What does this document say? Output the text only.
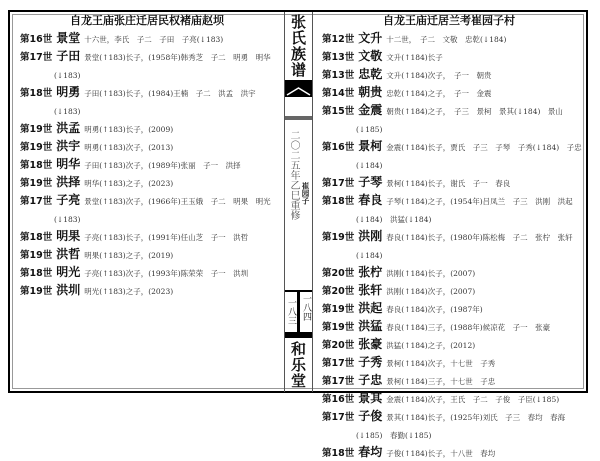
自龙王庙张庄迁居民权褚庙赵坝
第16世 景堂 十六世，李氏　子二　子田　子亮(↓183)
第17世 子田 景堂(↑183)长子，(1958年)韩秀芝　子二　明勇　明华(↓183)
第18世 明勇 子田(↑183)长子，(1984)王楠　子二　洪孟　洪宇(↓183)
第19世 洪孟 明勇(↑183)长子，(2009)
第19世 洪宇 明勇(↑183)次子，(2013)
第18世 明华 子田(↑183)次子，(1989年)张丽　子一　洪择
第19世 洪择 明华(↑183)之子，(2023)
第17世 子亮 景堂(↑183)次子，(1966年)王玉娥　子二　明果　明光(↓183)
第18世 明果 子亮(↑183)长子，(1991年)任山芝　子一　洪哲
第19世 洪哲 明果(↑183)之子，(2019)
第18世 明光 子亮(↑183)次子，(1993年)陈荣荣　子一　洪圳
第19世 洪圳 明光(↑183)之子，(2023)
张氏族谱
二〇二五年乙巳重修 崔园子
一八三 一八四
和乐堂
自龙王庙迁居兰考崔园子村
第12世 文升 十二世，　子二　文敬　忠乾(↓184)
第13世 文敬 文升(↑184)长子
第13世 忠乾 文升(↑184)次子，　子一　朝贵
第14世 朝贵 忠乾(↑184)之子，　子一　金震
第15世 金震 朝贵(↑184)之子，　子三　景柯　景其(↓184)　景山(↓185)
第16世 景柯 金震(↑184)长子，贾氏　子三　子琴　子秀(↓184)　子忠(↓184)
第17世 子琴 景柯(↑184)长子，谢氏　子一　春良
第18世 春良 子琴(↑184)之子，(1954年)吕凤兰　子三　洪刚　洪起(↓184)　洪猛(↓184)
第19世 洪刚 春良(↑184)长子，(1980年)陈松梅　子二　张柠　张轩(↓184)
第20世 张柠 洪刚(↑184)长子，(2007)
第20世 张轩 洪刚(↑184)次子，(2007)
第19世 洪起 春良(↑184)次子，(1987年)
第19世 洪猛 春良(↑184)三子，(1988年)候凉花　子一　张豪
第20世 张豪 洪猛(↑184)之子，(2012)
第17世 子秀 景柯(↑184)次子，十七世　子秀
第17世 子忠 景柯(↑184)三子，十七世　子忠
第16世 景其 金震(↑184)次子，王氏　子二　子俊　子臣(↓185)
第17世 子俊 景其(↑184)长子，(1925年)刘氏　子三　春均　春海(↓185)　春勤(↓185)
第18世 春均 子俊(↑184)长子，十八世　春均
